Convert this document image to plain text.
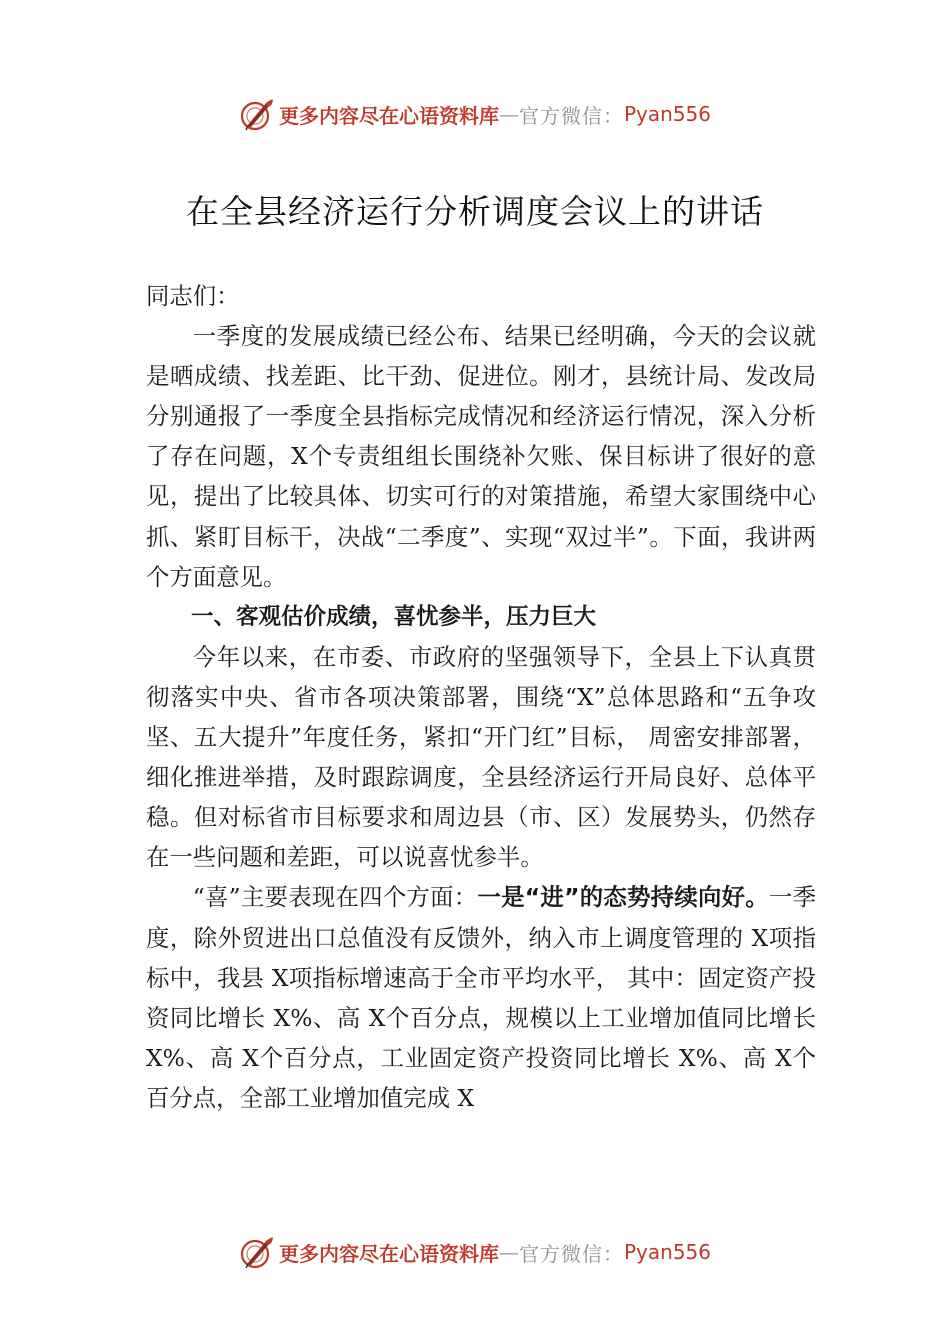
更多内容尽在心语资料库 — 官方微信： Pyan556
在全县经济运行分析调度会议上的讲话

同志们：

一季度的发展成绩已经公布、结果已经明确，今天的会议就是晒成绩、找差距、比干劲、促进位。刚才，县统计局、发改局分别通报了一季度全县指标完成情况和经济运行情况，深入分析了存在问题，X个专责组组长围绕补欠账、保目标讲了很好的意见，提出了比较具体、切实可行的对策措施，希望大家围绕中心抓、紧盯目标干，决战“二季度”、实现“双过半”。下面，我讲两个方面意见。

一、客观估价成绩，喜忧参半，压力巨大

今年以来，在市委、市政府的坚强领导下，全县上下认真贯彻落实中央、省市各项决策部署，围绕“X”总体思路和“五争攻坚、五大提升”年度任务，紧扣“开门红”目标， 周密安排部署，细化推进举措，及时跟踪调度，全县经济运行开局良好、总体平稳。但对标省市目标要求和周边县（市、区）发展势头，仍然存在一些问题和差距，可以说喜忧参半。

“喜”主要表现在四个方面：一是“进”的态势持续向好。一季度，除外贸进出口总值没有反馈外，纳入市上调度管理的 X项指标中，我县 X项指标增速高于全市平均水平， 其中：固定资产投资同比增长 X%、高 X个百分点，规模以上工业增加值同比增长 X%、高 X个百分点，工业固定资产投资同比增长 X%、高 X个百分点，全部工业增加值完成 X

更多内容尽在心语资料库 — 官方微信： Pyan556
